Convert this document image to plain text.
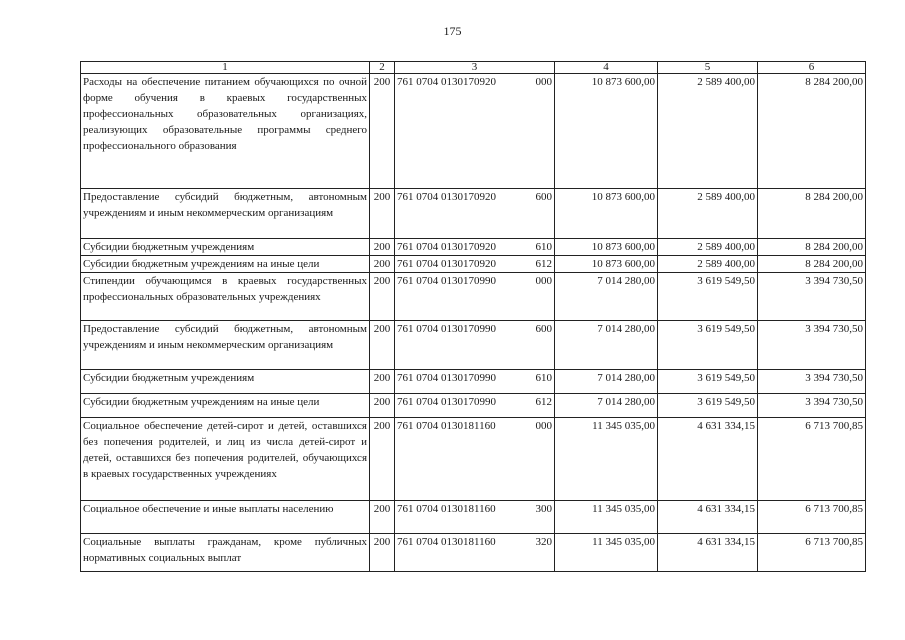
175
1	2	3	4	5	6
Расходы на обеспечение питанием обучающихся по очной форме обучения в краевых государственных профессиональных образовательных организациях, реализующих образовательные программы среднего профессионального образования	200	761 0704 0130170920 000	10 873 600,00	2 589 400,00	8 284 200,00
Предоставление субсидий бюджетным, автономным учреждениям и иным некоммерческим организациям	200	761 0704 0130170920 600	10 873 600,00	2 589 400,00	8 284 200,00
Субсидии бюджетным учреждениям	200	761 0704 0130170920 610	10 873 600,00	2 589 400,00	8 284 200,00
Субсидии бюджетным учреждениям на иные цели	200	761 0704 0130170920 612	10 873 600,00	2 589 400,00	8 284 200,00
Стипендии обучающимся в краевых государственных профессиональных образовательных учреждениях	200	761 0704 0130170990 000	7 014 280,00	3 619 549,50	3 394 730,50
Предоставление субсидий бюджетным, автономным учреждениям и иным некоммерческим организациям	200	761 0704 0130170990 600	7 014 280,00	3 619 549,50	3 394 730,50
Субсидии бюджетным учреждениям	200	761 0704 0130170990 610	7 014 280,00	3 619 549,50	3 394 730,50
Субсидии бюджетным учреждениям на иные цели	200	761 0704 0130170990 612	7 014 280,00	3 619 549,50	3 394 730,50
Социальное обеспечение детей-сирот и детей, оставшихся без попечения родителей, и лиц из числа детей-сирот и детей, оставшихся без попечения родителей, обучающихся в краевых государственных учреждениях	200	761 0704 0130181160 000	11 345 035,00	4 631 334,15	6 713 700,85
Социальное обеспечение и иные выплаты населению	200	761 0704 0130181160 300	11 345 035,00	4 631 334,15	6 713 700,85
Социальные выплаты гражданам, кроме публичных нормативных социальных выплат	200	761 0704 0130181160 320	11 345 035,00	4 631 334,15	6 713 700,85
